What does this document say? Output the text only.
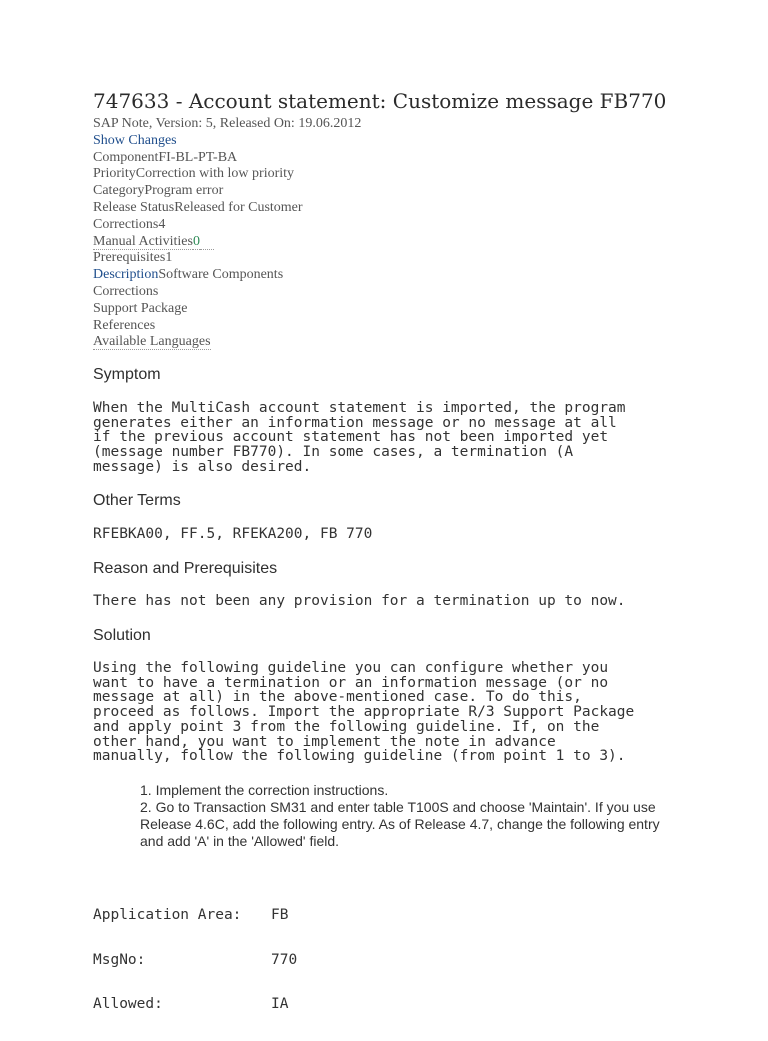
747633 - Account statement: Customize message FB770
SAP Note, Version: 5, Released On: 19.06.2012
Show Changes
ComponentFI-BL-PT-BA
PriorityCorrection with low priority
CategoryProgram error
Release StatusReleased for Customer
Corrections4
Manual Activities0
Prerequisites1
DescriptionSoftware Components
Corrections
Support Package
References
Available Languages
Symptom
When the MultiCash account statement is imported, the program
generates either an information message or no message at all
if the previous account statement has not been imported yet
(message number FB770). In some cases, a termination (A
message) is also desired.
Other Terms
RFEBKA00, FF.5, RFEKA200, FB 770
Reason and Prerequisites
There has not been any provision for a termination up to now.
Solution
Using the following guideline you can configure whether you
want to have a termination or an information message (or no
message at all) in the above-mentioned case. To do this,
proceed as follows. Import the appropriate R/3 Support Package
and apply point 3 from the following guideline. If, on the
other hand, you want to implement the note in advance
manually, follow the following guideline (from point 1 to 3).
1. Implement the correction instructions.
2. Go to Transaction SM31 and enter table T100S and choose 'Maintain'. If you use Release 4.6C, add the following entry. As of Release 4.7, change the following entry and add 'A' in the 'Allowed' field.

Application Area: FB

MsgNo:	770

Allowed:	IA
